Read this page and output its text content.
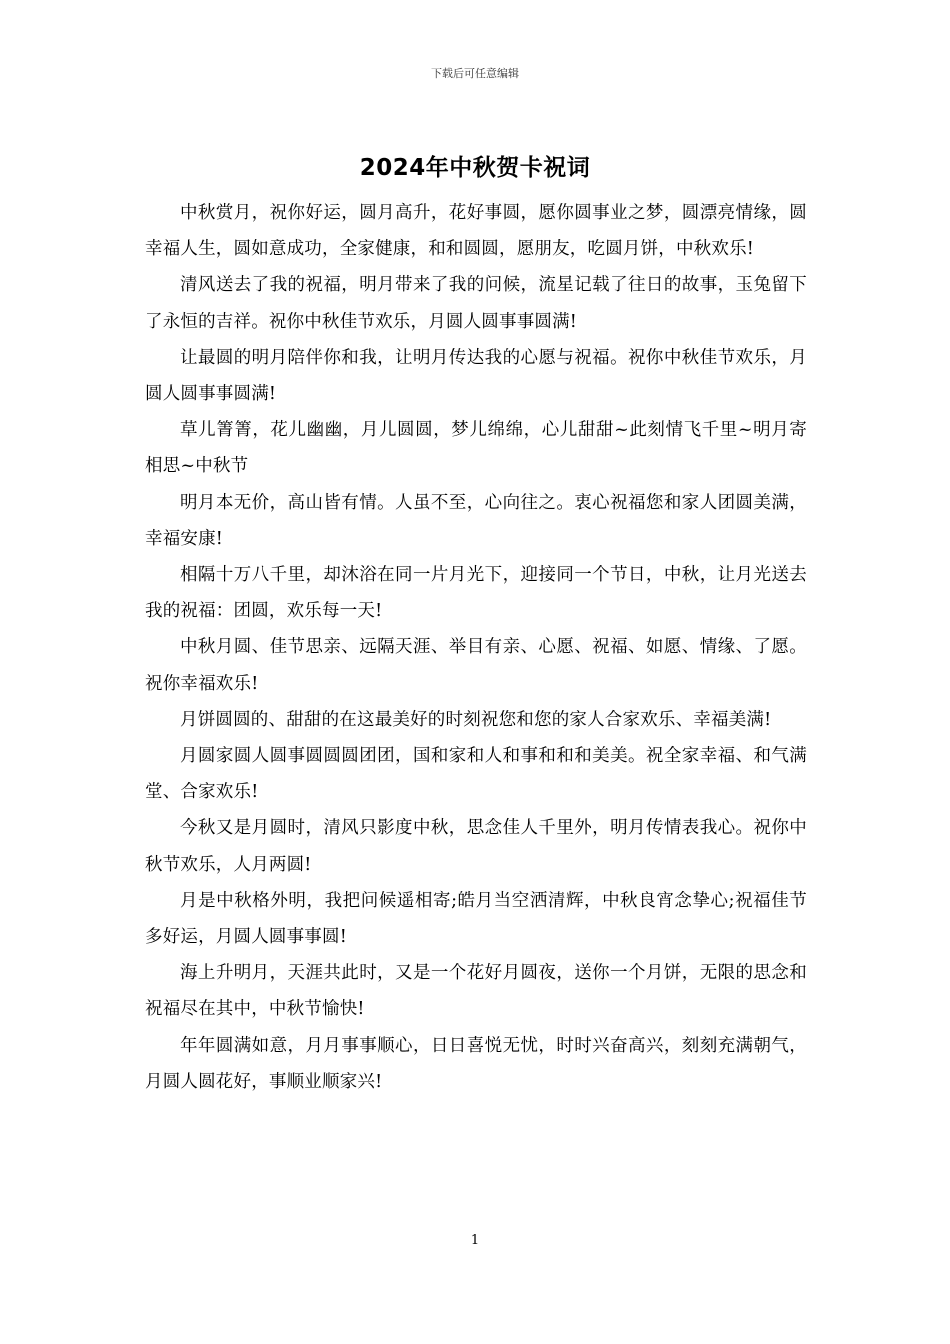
下载后可任意编辑
2024年中秋贺卡祝词

中秋赏月，祝你好运，圆月高升，花好事圆，愿你圆事业之梦，圆漂亮情缘，圆幸福人生，圆如意成功，全家健康，和和圆圆，愿朋友，吃圆月饼，中秋欢乐!

清风送去了我的祝福，明月带来了我的问候，流星记载了往日的故事，玉兔留下了永恒的吉祥。祝你中秋佳节欢乐，月圆人圆事事圆满!

让最圆的明月陪伴你和我，让明月传达我的心愿与祝福。祝你中秋佳节欢乐，月圆人圆事事圆满!

草儿箐箐，花儿幽幽，月儿圆圆，梦儿绵绵，心儿甜甜~此刻情飞千里~明月寄相思~中秋节

明月本无价，高山皆有情。人虽不至，心向往之。衷心祝福您和家人团圆美满，幸福安康!

相隔十万八千里，却沐浴在同一片月光下，迎接同一个节日，中秋，让月光送去我的祝福：团圆，欢乐每一天!

中秋月圆、佳节思亲、远隔天涯、举目有亲、心愿、祝福、如愿、情缘、了愿。祝你幸福欢乐!

月饼圆圆的、甜甜的在这最美好的时刻祝您和您的家人合家欢乐、幸福美满!

月圆家圆人圆事圆圆圆团团，国和家和人和事和和和美美。祝全家幸福、和气满堂、合家欢乐!

今秋又是月圆时，清风只影度中秋，思念佳人千里外，明月传情表我心。祝你中秋节欢乐，人月两圆!

月是中秋格外明，我把问候遥相寄;皓月当空洒清辉，中秋良宵念挚心;祝福佳节多好运，月圆人圆事事圆!

海上升明月，天涯共此时，又是一个花好月圆夜，送你一个月饼，无限的思念和祝福尽在其中，中秋节愉快!

年年圆满如意，月月事事顺心，日日喜悦无忧，时时兴奋高兴，刻刻充满朝气，月圆人圆花好，事顺业顺家兴!

1
